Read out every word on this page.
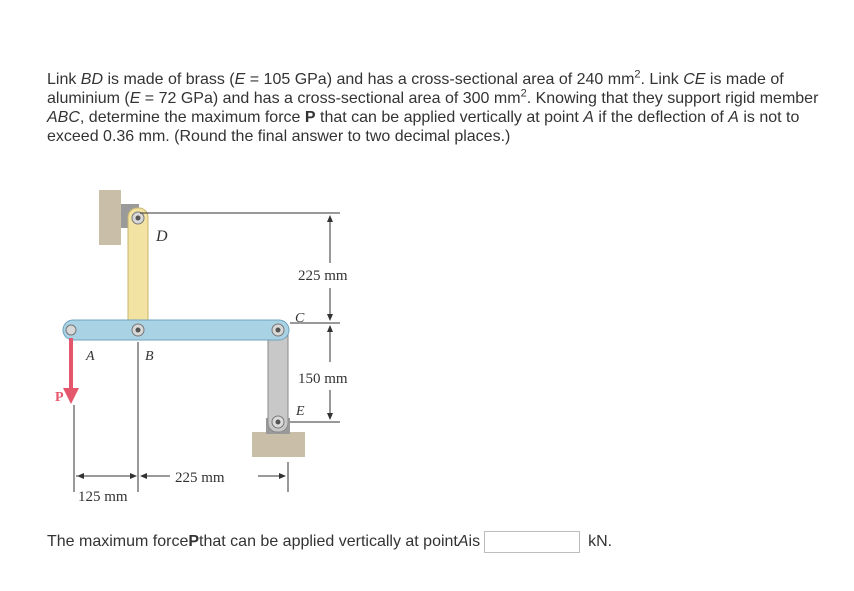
Link BD is made of brass (E = 105 GPa) and has a cross-sectional area of 240 $mm^2$. Link CE is made of aluminium (E = 72 GPa) and has a cross-sectional area of 300 $mm^2$. Knowing that they support rigid member ABC, determine the maximum force P that can be applied vertically at point A if the deflection of A is not to exceed 0.36 mm. (Round the final answer to two decimal places.)

D
C
A	B
E
P
225 mm
150 mm
125 mm
225 mm
The maximum force P that can be applied vertically at point A is	kN.
